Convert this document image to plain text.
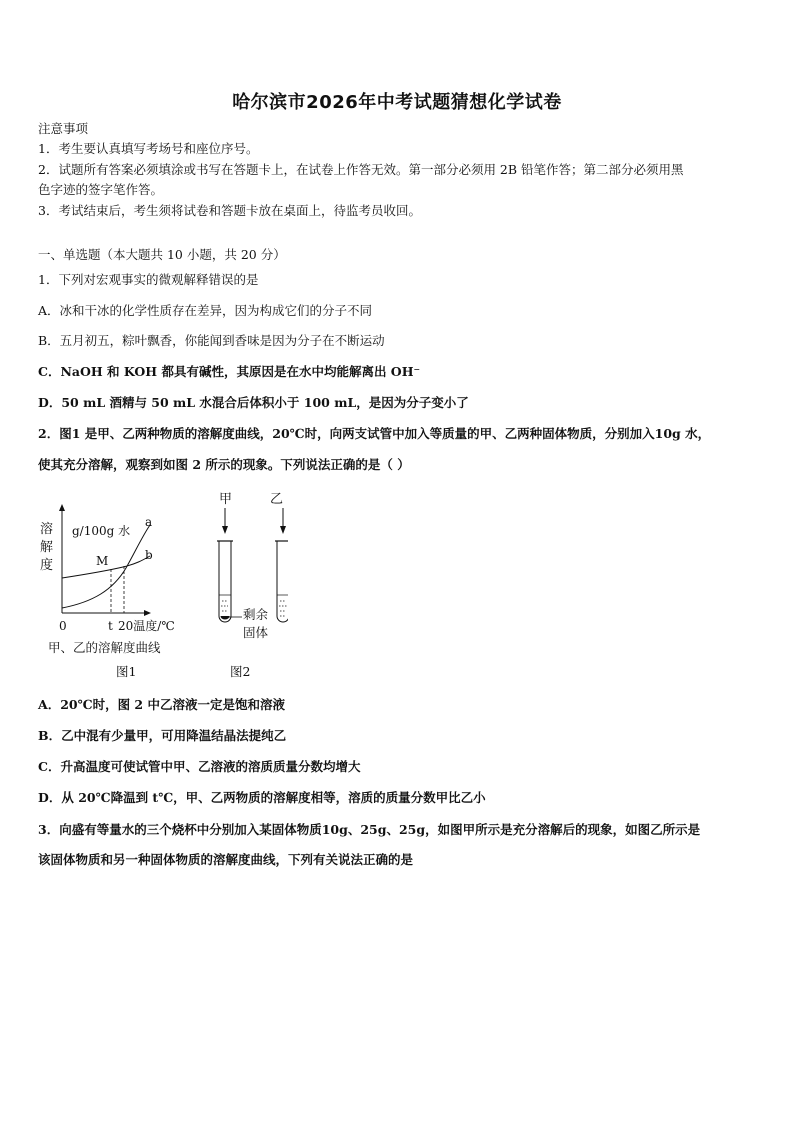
哈尔滨市2026年中考试题猜想化学试卷
注意事项
1．考生要认真填写考场号和座位序号。
2．试题所有答案必须填涂或书写在答题卡上，在试卷上作答无效。第一部分必须用 2B 铅笔作答；第二部分必须用黑
色字迹的签字笔作答。
3．考试结束后，考生须将试卷和答题卡放在桌面上，待监考员收回。
一、单选题（本大题共 10 小题，共 20 分）
1．下列对宏观事实的微观解释错误的是
A．冰和干冰的化学性质存在差异，因为构成它们的分子不同
B．五月初五，粽叶飘香，你能闻到香味是因为分子在不断运动
C．NaOH 和 KOH 都具有碱性，其原因是在水中均能解离出 OH⁻
D．50 mL 酒精与 50 mL 水混合后体积小于 100 mL，是因为分子变小了
2．图1 是甲、乙两种物质的溶解度曲线，20℃时，向两支试管中加入等质量的甲、乙两种固体物质，分别加入10g 水，
使其充分溶解，观察到如图 2 所示的现象。下列说法正确的是（ ）
溶
解
度
g/100g 水
a
b
M
0	t 20温度/℃
甲、乙的溶解度曲线
图1
甲	乙
剩余
固体
图2
A．20℃时，图 2 中乙溶液一定是饱和溶液
B．乙中混有少量甲，可用降温结晶法提纯乙
C．升高温度可使试管中甲、乙溶液的溶质质量分数均增大
D．从 20℃降温到 t℃，甲、乙两物质的溶解度相等，溶质的质量分数甲比乙小
3．向盛有等量水的三个烧杯中分别加入某固体物质10g、25g、25g，如图甲所示是充分溶解后的现象，如图乙所示是
该固体物质和另一种固体物质的溶解度曲线，下列有关说法正确的是
